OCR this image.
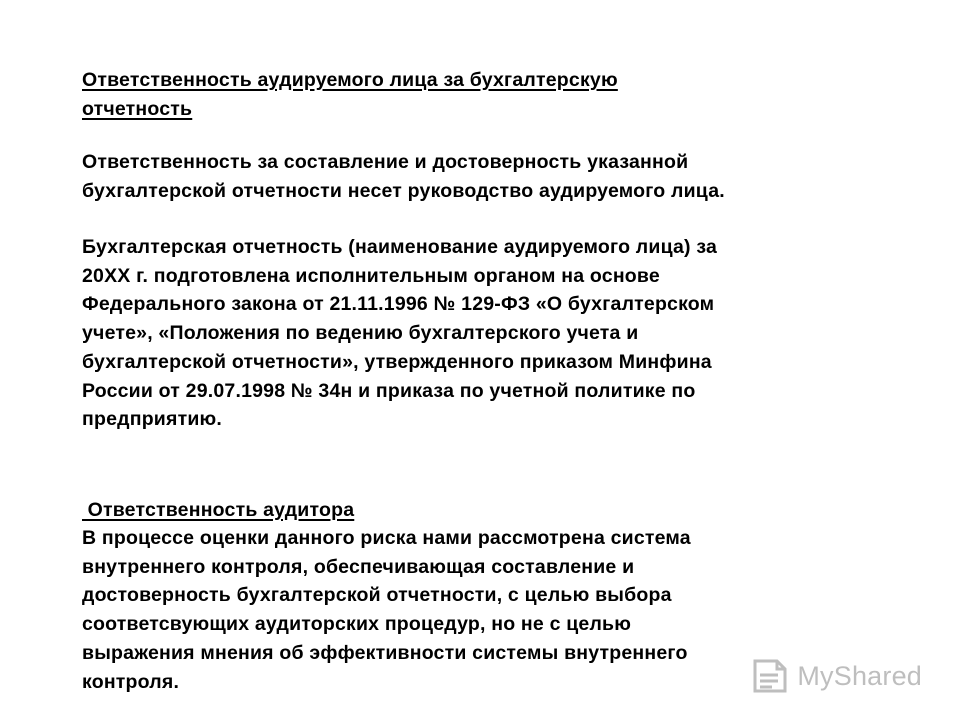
Ответственность аудируемого лица за бухгалтерскую
отчетность
Ответственность за составление и достоверность указанной
бухгалтерской отчетности несет руководство аудируемого лица.
Бухгалтерская отчетность (наименование аудируемого лица) за
20ХХ г. подготовлена исполнительным органом на основе
Федерального закона от 21.11.1996 № 129-ФЗ «О бухгалтерском
учете», «Положения по ведению бухгалтерского учета и
бухгалтерской отчетности», утвержденного приказом Минфина
России от 29.07.1998 № 34н и приказа по учетной политике по
предприятию.
Ответственность аудитора
В процессе оценки данного риска нами рассмотрена система
внутреннего контроля, обеспечивающая составление и
достоверность бухгалтерской отчетности, с целью выбора
соответсвующих аудиторских процедур, но не с целью
выражения мнения об эффективности системы внутреннего
контроля.	MyShared
